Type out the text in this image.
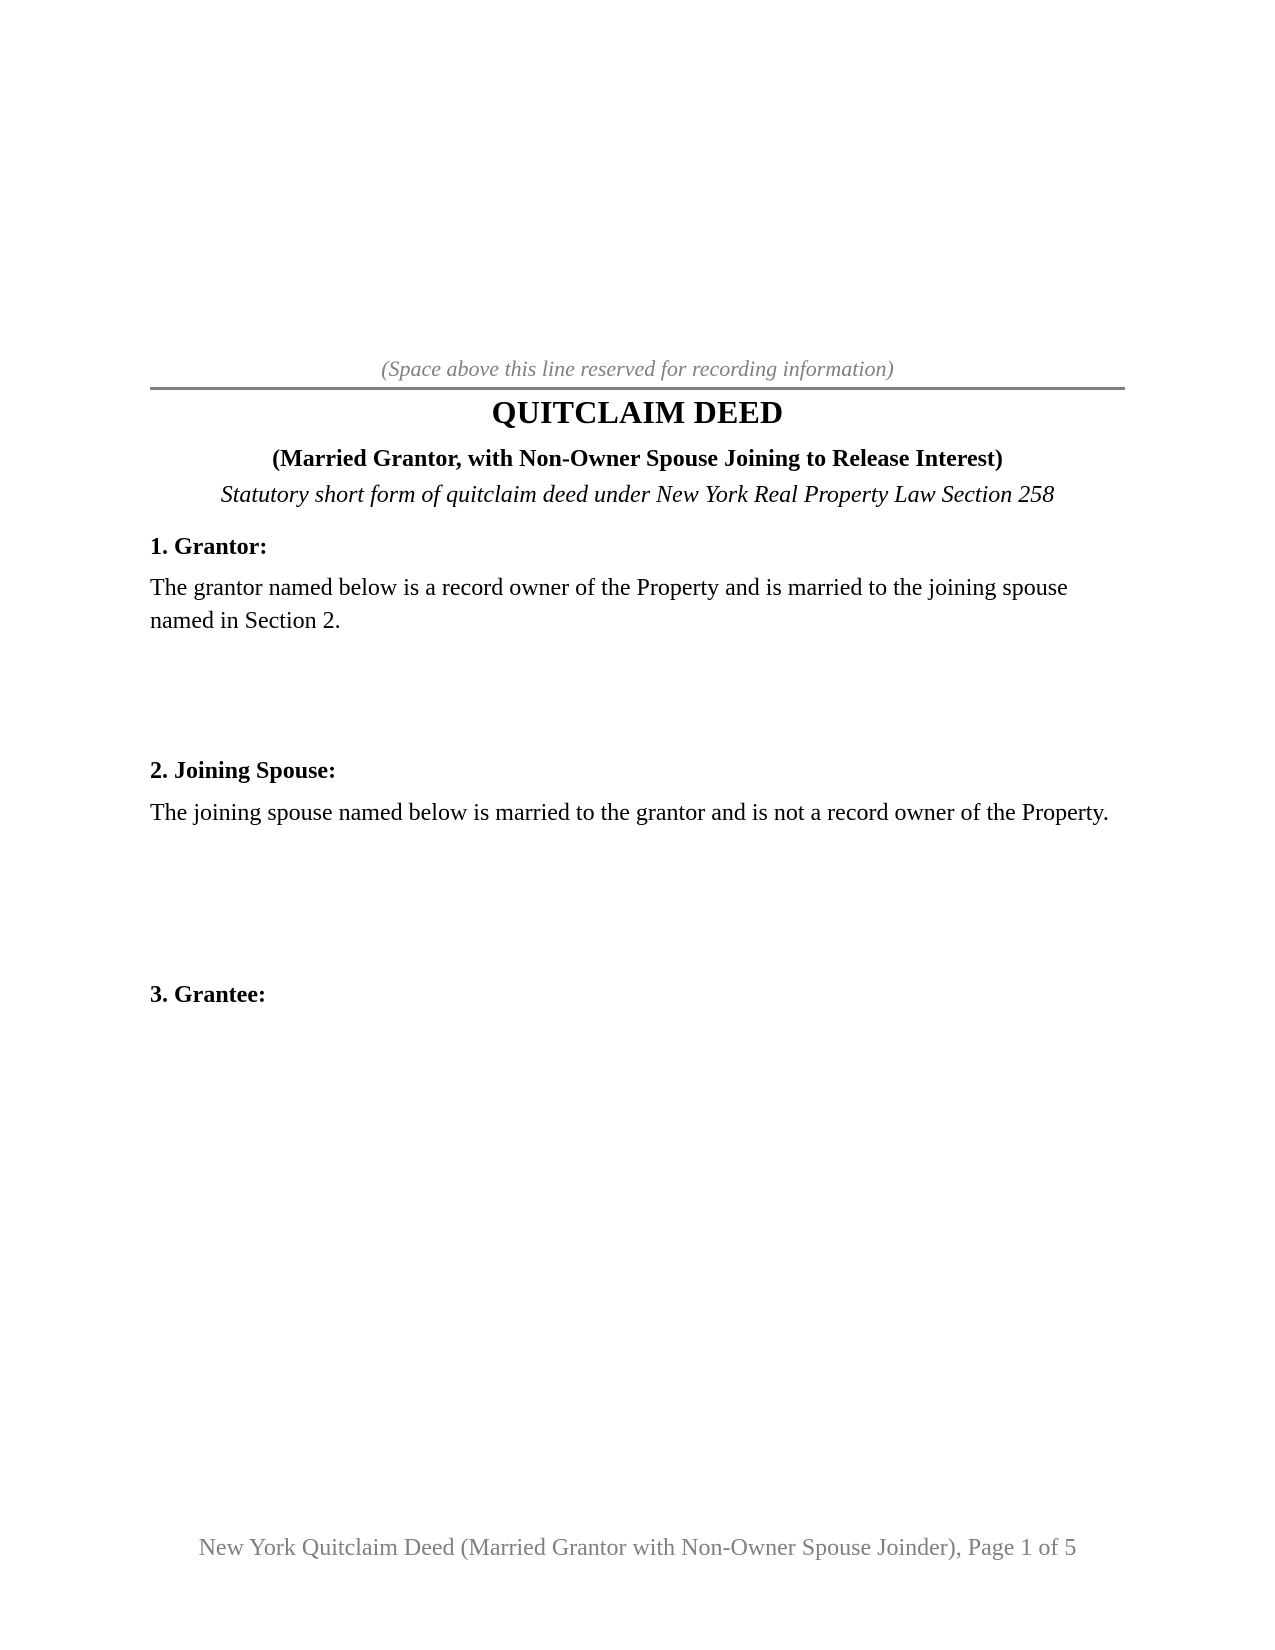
(Space above this line reserved for recording information)
QUITCLAIM DEED
(Married Grantor, with Non-Owner Spouse Joining to Release Interest)
Statutory short form of quitclaim deed under New York Real Property Law Section 258
1. Grantor:
The grantor named below is a record owner of the Property and is married to the joining spouse named in Section 2.
2. Joining Spouse:
The joining spouse named below is married to the grantor and is not a record owner of the Property.
3. Grantee:
New York Quitclaim Deed (Married Grantor with Non-Owner Spouse Joinder), Page 1 of 5
